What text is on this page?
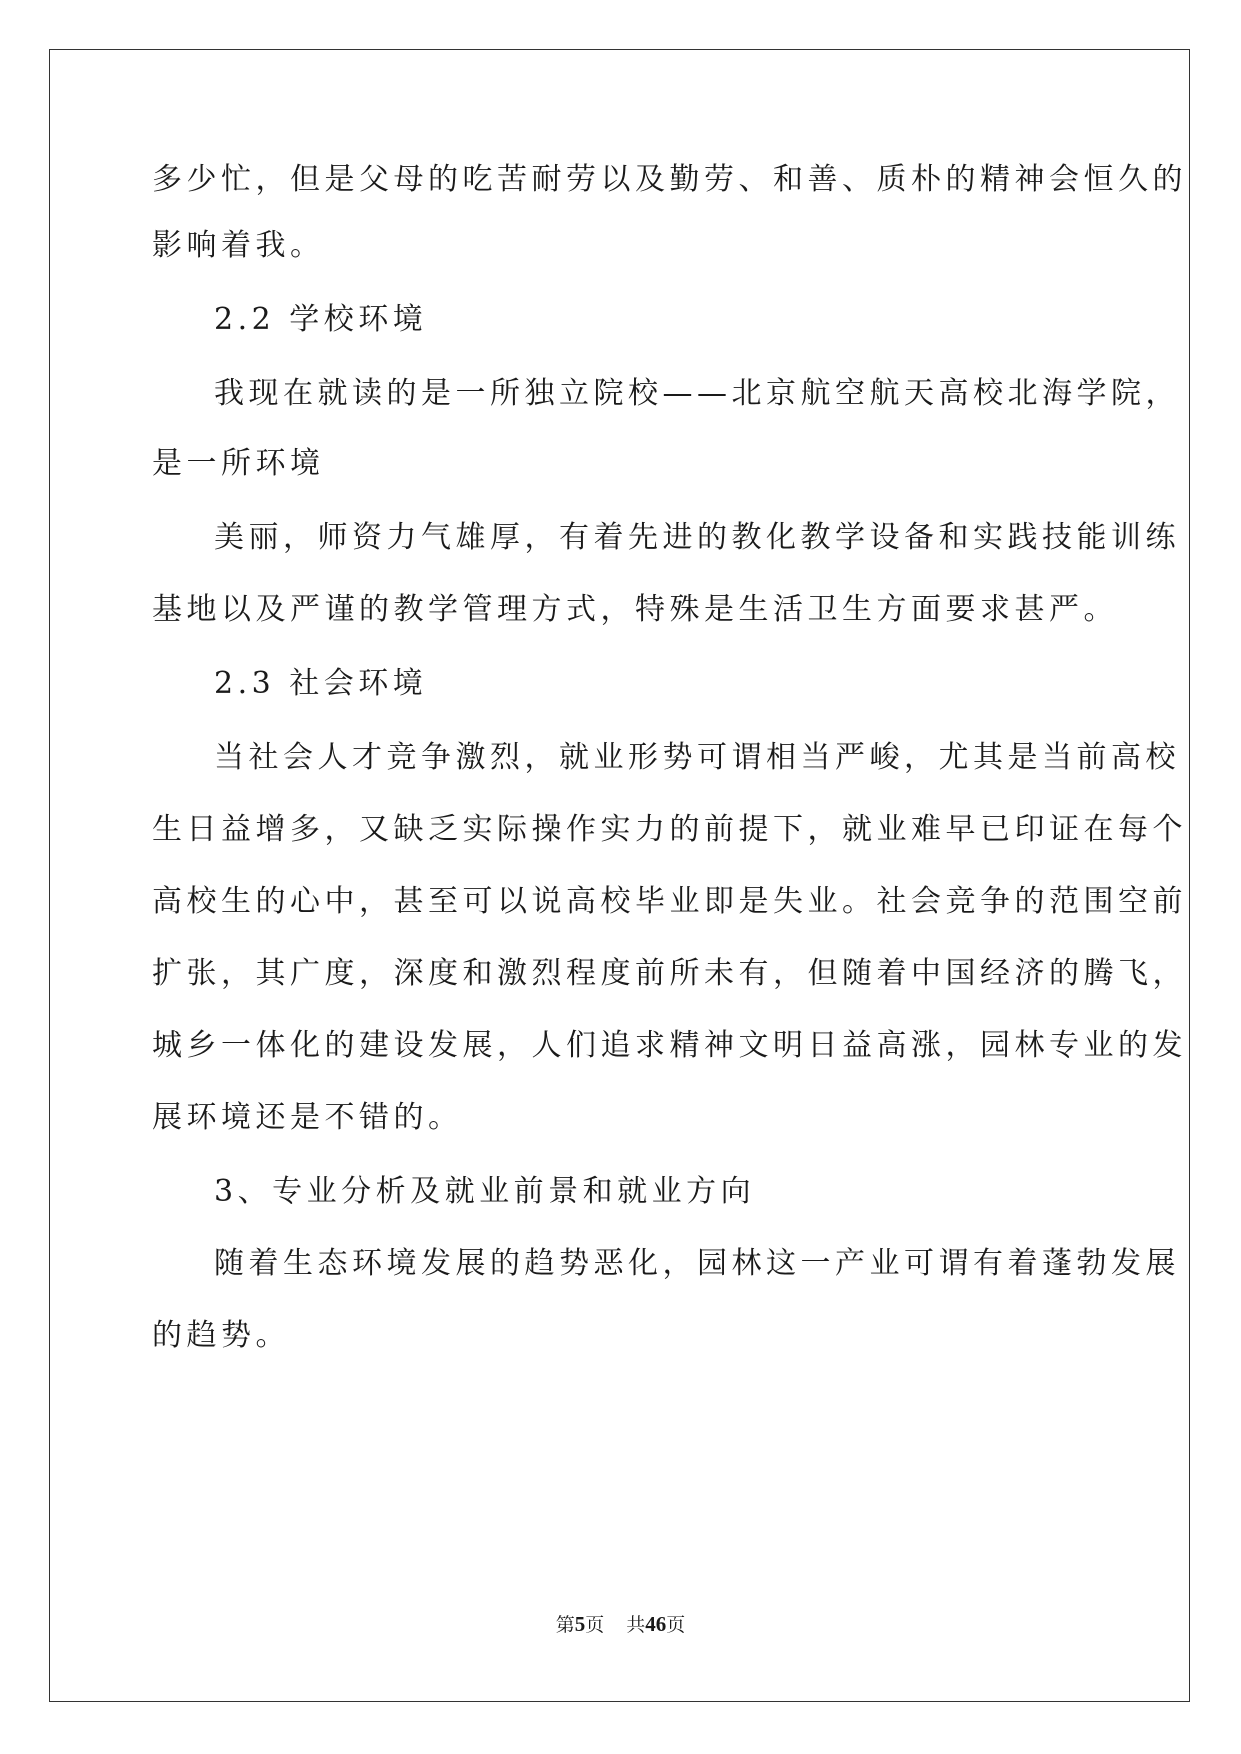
多少忙，但是父母的吃苦耐劳以及勤劳、和善、质朴的精神会恒久的
影响着我。
2.2 学校环境
我现在就读的是一所独立院校——北京航空航天高校北海学院，
是一所环境
美丽，师资力气雄厚，有着先进的教化教学设备和实践技能训练
基地以及严谨的教学管理方式，特殊是生活卫生方面要求甚严。
2.3 社会环境
当社会人才竞争激烈，就业形势可谓相当严峻，尤其是当前高校
生日益增多，又缺乏实际操作实力的前提下，就业难早已印证在每个
高校生的心中，甚至可以说高校毕业即是失业。社会竞争的范围空前
扩张，其广度，深度和激烈程度前所未有，但随着中国经济的腾飞，
城乡一体化的建设发展，人们追求精神文明日益高涨，园林专业的发
展环境还是不错的。
3、专业分析及就业前景和就业方向
随着生态环境发展的趋势恶化，园林这一产业可谓有着蓬勃发展
的趋势。
第5页 共46页
